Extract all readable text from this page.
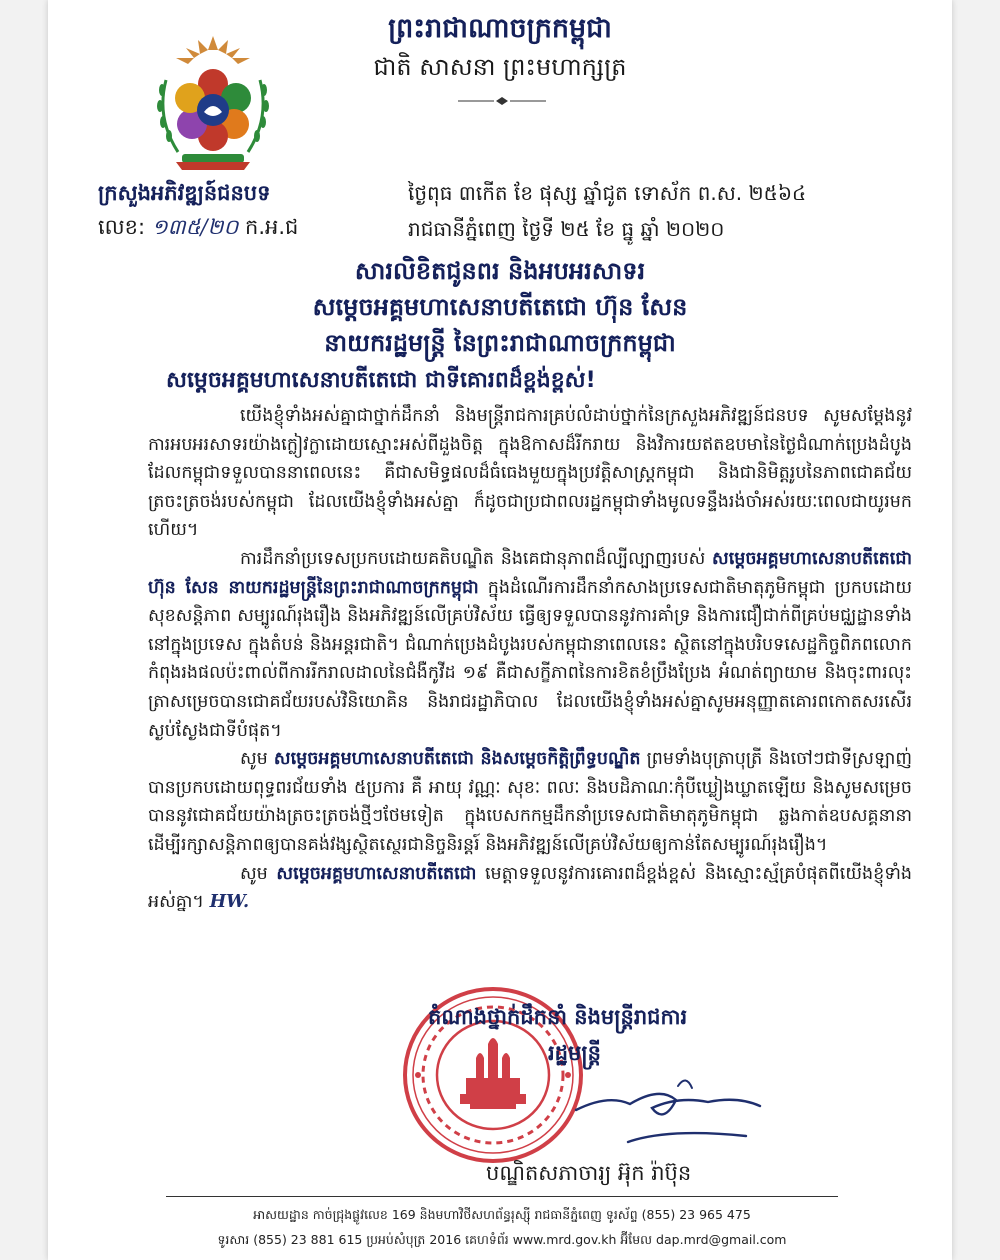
ព្រះរាជាណាចក្រកម្ពុជា
ជាតិ សាសនា ព្រះមហាក្សត្រ
ក្រសួងអភិវឌ្ឍន៍ជនបទ
លេខ: ១៣៥/២០ ក.អ.ជ
ថ្ងៃពុធ ៣កើត ខែ ផុស្ស ឆ្នាំជូត ទោស័ក ព.ស. ២៥៦៤
រាជធានីភ្នំពេញ ថ្ងៃទី ២៥ ខែ ធ្នូ ឆ្នាំ ២០២០
សារលិខិតជូនពរ និងអបអរសាទរ
សម្ដេចអគ្គមហាសេនាបតីតេជោ ហ៊ុន សែន
នាយករដ្ឋមន្ត្រី នៃព្រះរាជាណាចក្រកម្ពុជា
សម្ដេចអគ្គមហាសេនាបតីតេជោ ជាទីគោរពដ៏ខ្ពង់ខ្ពស់!

យើងខ្ញុំទាំងអស់គ្នាជាថ្នាក់ដឹកនាំ និងមន្ត្រីរាជការគ្រប់លំដាប់ថ្នាក់នៃក្រសួងអភិវឌ្ឍន៍ជនបទ សូមសម្ដែងនូវការអបអរសាទរយ៉ាងក្លៀវក្លាដោយស្មោះអស់ពីដួងចិត្ត ក្នុងឱកាសដ៏រីករាយ និងវិការយឥតឧបមានៃថ្ងៃជំណាក់ប្រេងដំបូង ដែលកម្ពុជាទទួលបាននាពេលនេះ គឺជាសមិទ្ធផលដ៏ធំធេងមួយក្នុងប្រវត្តិសាស្ត្រកម្ពុជា និងជានិមិត្តរូបនៃភាពជោគជ័យត្រចះត្រចង់របស់កម្ពុជា ដែលយើងខ្ញុំទាំងអស់គ្នា ក៏ដូចជាប្រជាពលរដ្ឋកម្ពុជាទាំងមូលទន្ទឹងរង់ចាំអស់រយៈពេលជាយូរមកហើយ។

ការដឹកនាំប្រទេសប្រកបដោយគតិបណ្ឌិត និងគេជានុភាពដ៏ល្បីល្បាញរបស់ សម្ដេចអគ្គមហាសេនាបតីតេជោ ហ៊ុន សែន នាយករដ្ឋមន្ត្រីនៃព្រះរាជាណាចក្រកម្ពុជា ក្នុងដំណើរការដឹកនាំកសាងប្រទេសជាតិមាតុភូមិកម្ពុជា ប្រកបដោយសុខសន្តិភាព សម្បូរណ៍រុងរឿង និងអភិវឌ្ឍន៍លើគ្រប់វិស័យ ធ្វើឲ្យទទួលបាននូវការគាំទ្រ និងការជឿជាក់ពីគ្រប់មជ្ឈដ្ឋានទាំងនៅក្នុងប្រទេស ក្នុងតំបន់ និងអន្តរជាតិ។ ជំណាក់ប្រេងដំបូងរបស់កម្ពុជានាពេលនេះ ស្ថិតនៅក្នុងបរិបទសេដ្ឋកិច្ចពិភពលោកកំពុងរងផលប៉ះពាល់ពីការរីករាលដាលនៃជំងឺកូវីដ ១៩ គឺជាសក្ខីភាពនៃការខិតខំប្រឹងប្រែង អំណត់ព្យាយាម និងចុះពារលុះត្រាសម្រេចបានជោគជ័យរបស់វិនិយោគិន និងរាជរដ្ឋាភិបាល ដែលយើងខ្ញុំទាំងអស់គ្នាសូមអនុញ្ញាតគោរពកោតសរសើរស្ងប់ស្ងែងជាទីបំផុត។

សូម សម្ដេចអគ្គមហាសេនាបតីតេជោ និងសម្ដេចកិត្តិព្រឹទ្ធបណ្ឌិត ព្រមទាំងបុត្រាបុត្រី និងចៅៗជាទីស្រឡាញ់ បានប្រកបដោយពុទ្ធពរជ័យទាំង ៥ប្រការ គឺ អាយុ វណ្ណៈ សុខៈ ពលៈ និងបដិភាណៈកុំបីឃ្លៀងឃ្លាតឡើយ និងសូមសម្រេចបាននូវជោគជ័យយ៉ាងត្រចះត្រចង់ថ្មីៗថែមទៀត ក្នុងបេសកកម្មដឹកនាំប្រទេសជាតិមាតុភូមិកម្ពុជា ឆ្លងកាត់ឧបសគ្គនានា ដើម្បីរក្សាសន្តិភាពឲ្យបានគង់វង្សស្ថិតស្ថេរជានិច្ចនិរន្តរ៍ និងអភិវឌ្ឍន៍លើគ្រប់វិស័យឲ្យកាន់តែសម្បូរណ៍រុងរឿង។

សូម សម្ដេចអគ្គមហាសេនាបតីតេជោ មេត្តាទទួលនូវការគោរពដ៏ខ្ពង់ខ្ពស់ និងស្មោះស្ម័គ្របំផុតពីយើងខ្ញុំទាំងអស់គ្នា។ HW.

តំណាងថ្នាក់ដឹកនាំ និងមន្ត្រីរាជការ
រដ្ឋមន្ត្រី
បណ្ឌិតសភាចារ្យ អ៊ុក រ៉ាប៊ុន
អាសយដ្ឋាន កាច់ជ្រុងផ្លូវលេខ 169 និងមហាវិថីសហព័ន្ធរុស្ស៊ី រាជធានីភ្នំពេញ ទូរស័ព្ទ (855) 23 965 475
ទូរសារ (855) 23 881 615 ប្រអប់សំបុត្រ 2016 គេហទំព័រ www.mrd.gov.kh អ៊ីមែល dap.mrd@gmail.com
